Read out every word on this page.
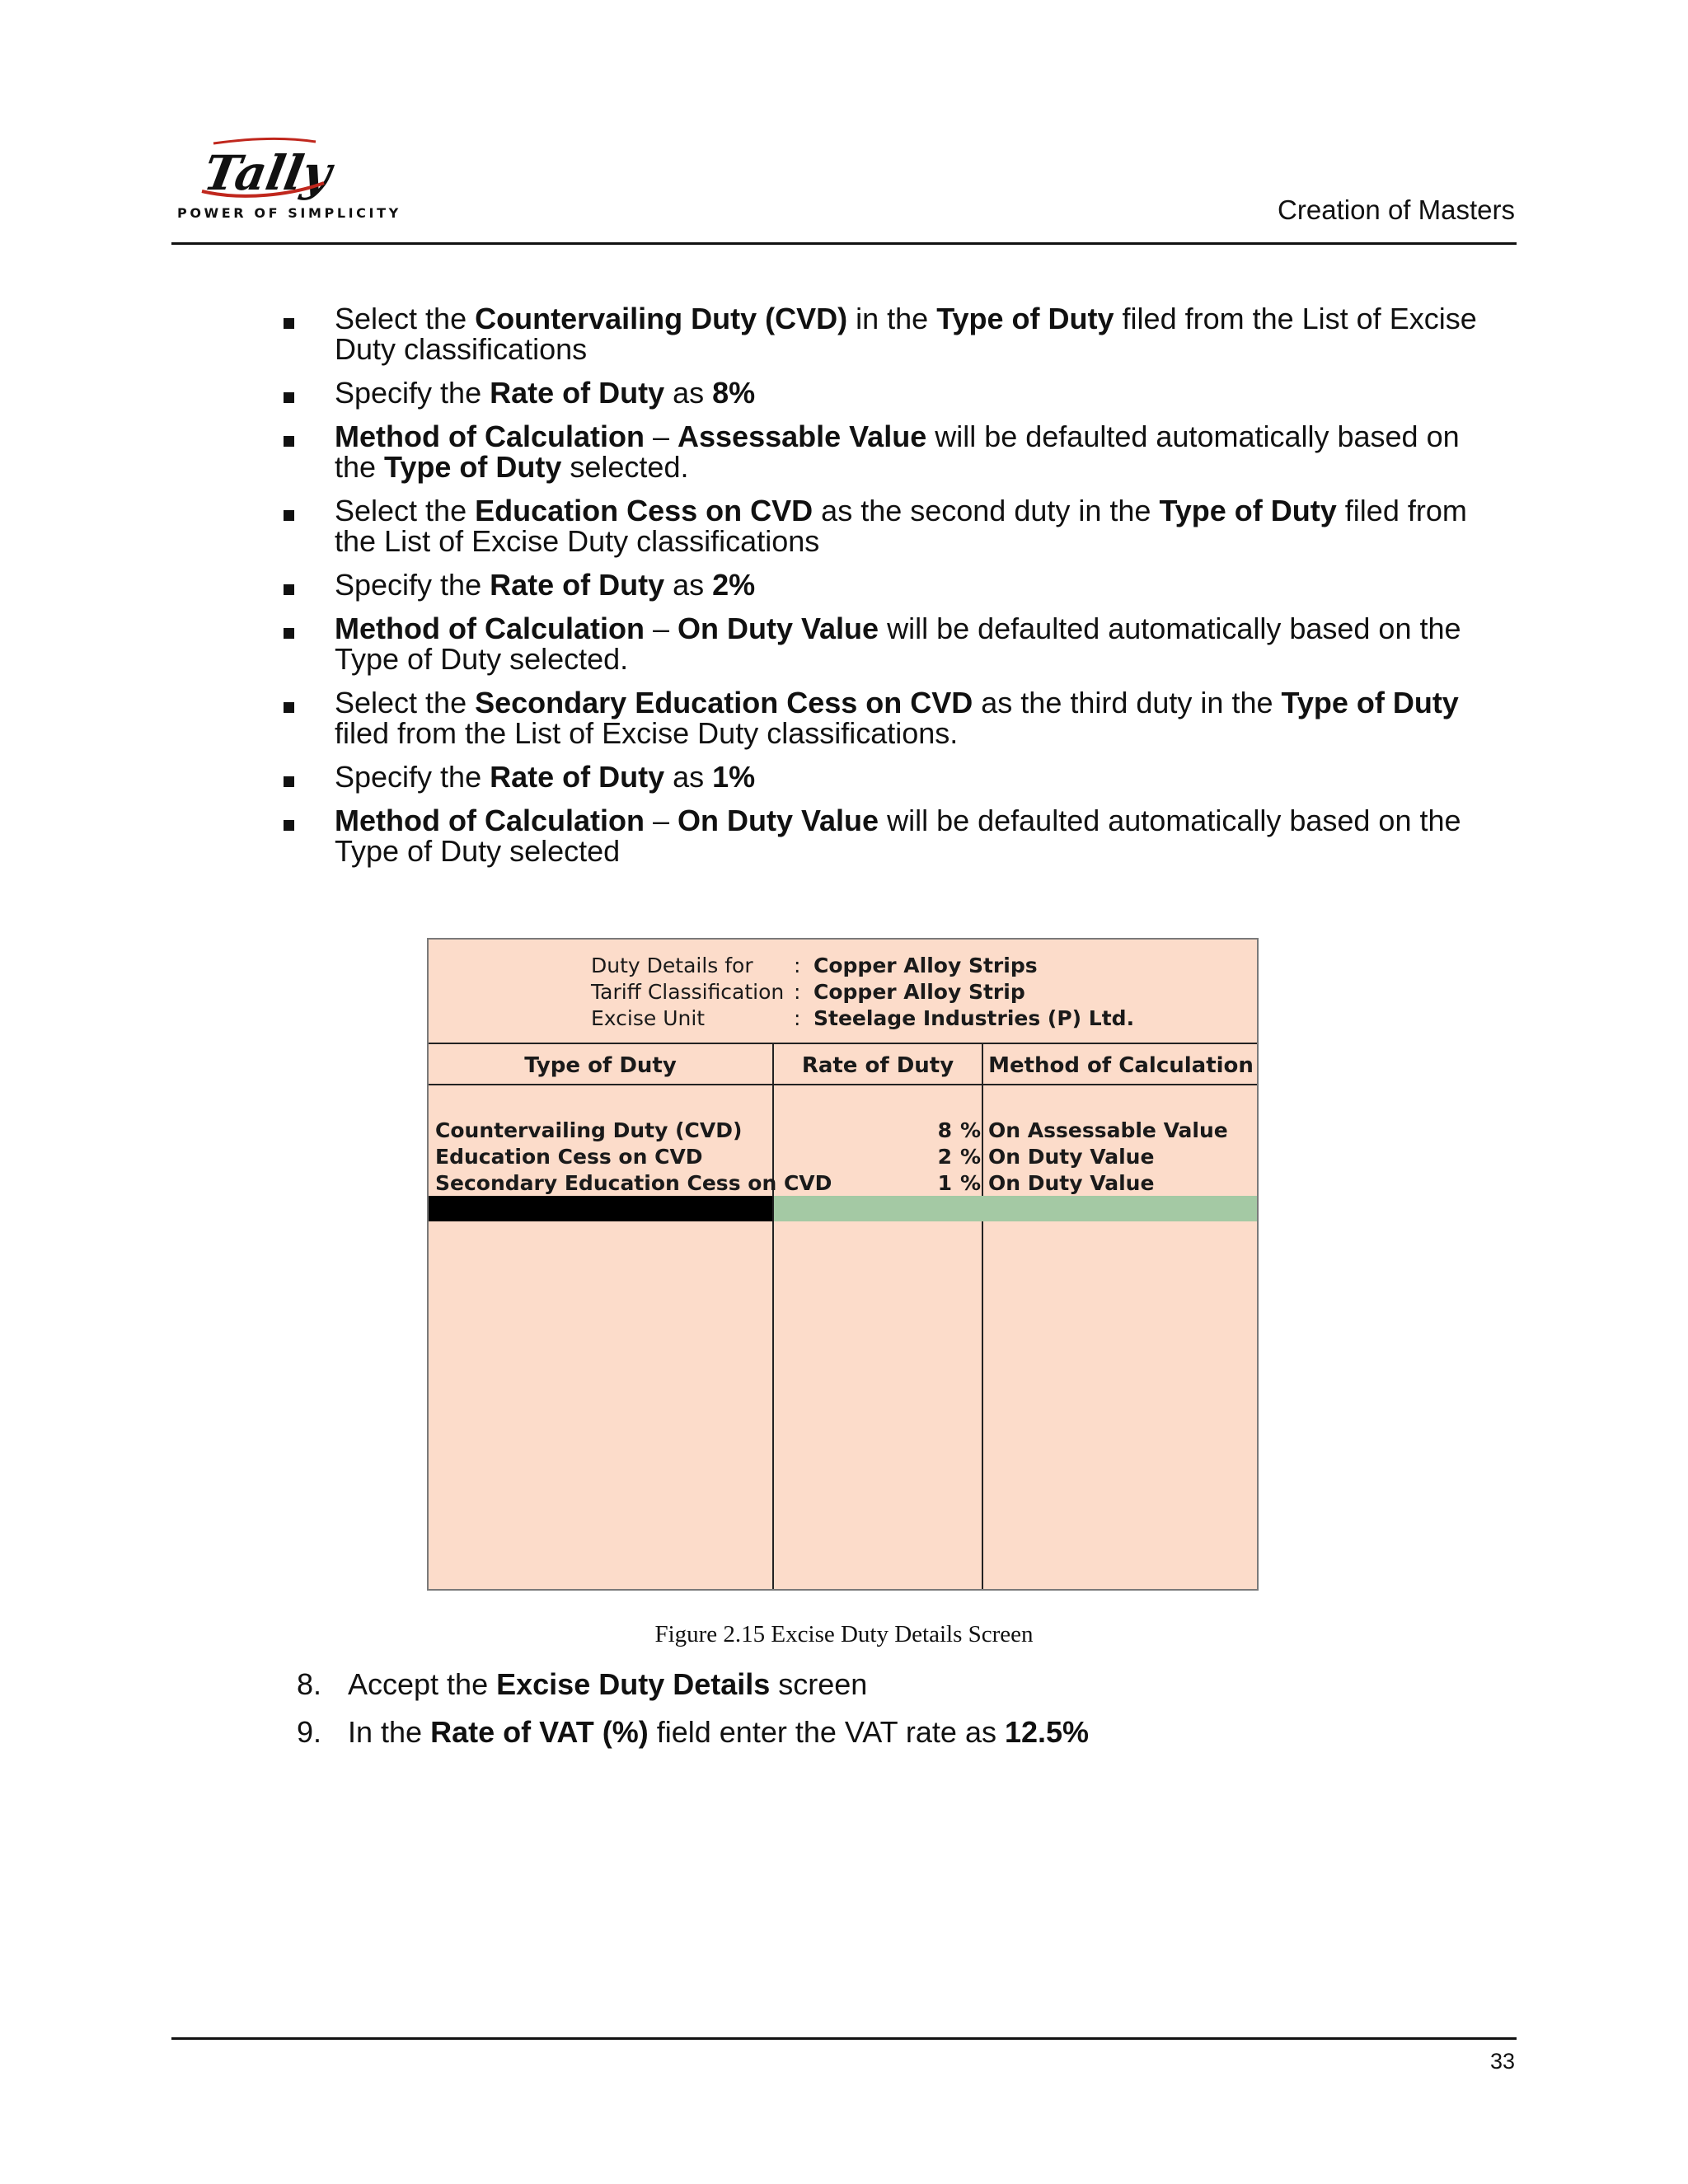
Tally
POWER OF SIMPLICITY	Creation of Masters
Select the Countervailing Duty (CVD) in the Type of Duty filed from the List of Excise Duty classifications
Specify the Rate of Duty as 8%
Method of Calculation – Assessable Value will be defaulted automatically based on the Type of Duty selected.
Select the Education Cess on CVD as the second duty in the Type of Duty filed from the List of Excise Duty classifications
Specify the Rate of Duty as 2%
Method of Calculation – On Duty Value will be defaulted automatically based on the Type of Duty selected.
Select the Secondary Education Cess on CVD as the third duty in the Type of Duty filed from the List of Excise Duty classifications.
Specify the Rate of Duty as 1%
Method of Calculation – On Duty Value will be defaulted automatically based on the Type of Duty selected
Duty Details for	: Copper Alloy Strips
Tariff Classification : Copper Alloy Strip
Excise Unit	: Steelage Industries (P) Ltd.
Type of Duty	Rate of Duty	Method of Calculation
Countervailing Duty (CVD)	8 % On Assessable Value
Education Cess on CVD	2 % On Duty Value
Secondary Education Cess on CVD	1 % On Duty Value
Figure 2.15 Excise Duty Details Screen
8. Accept the Excise Duty Details screen
9. In the Rate of VAT (%) field enter the VAT rate as 12.5%
33
